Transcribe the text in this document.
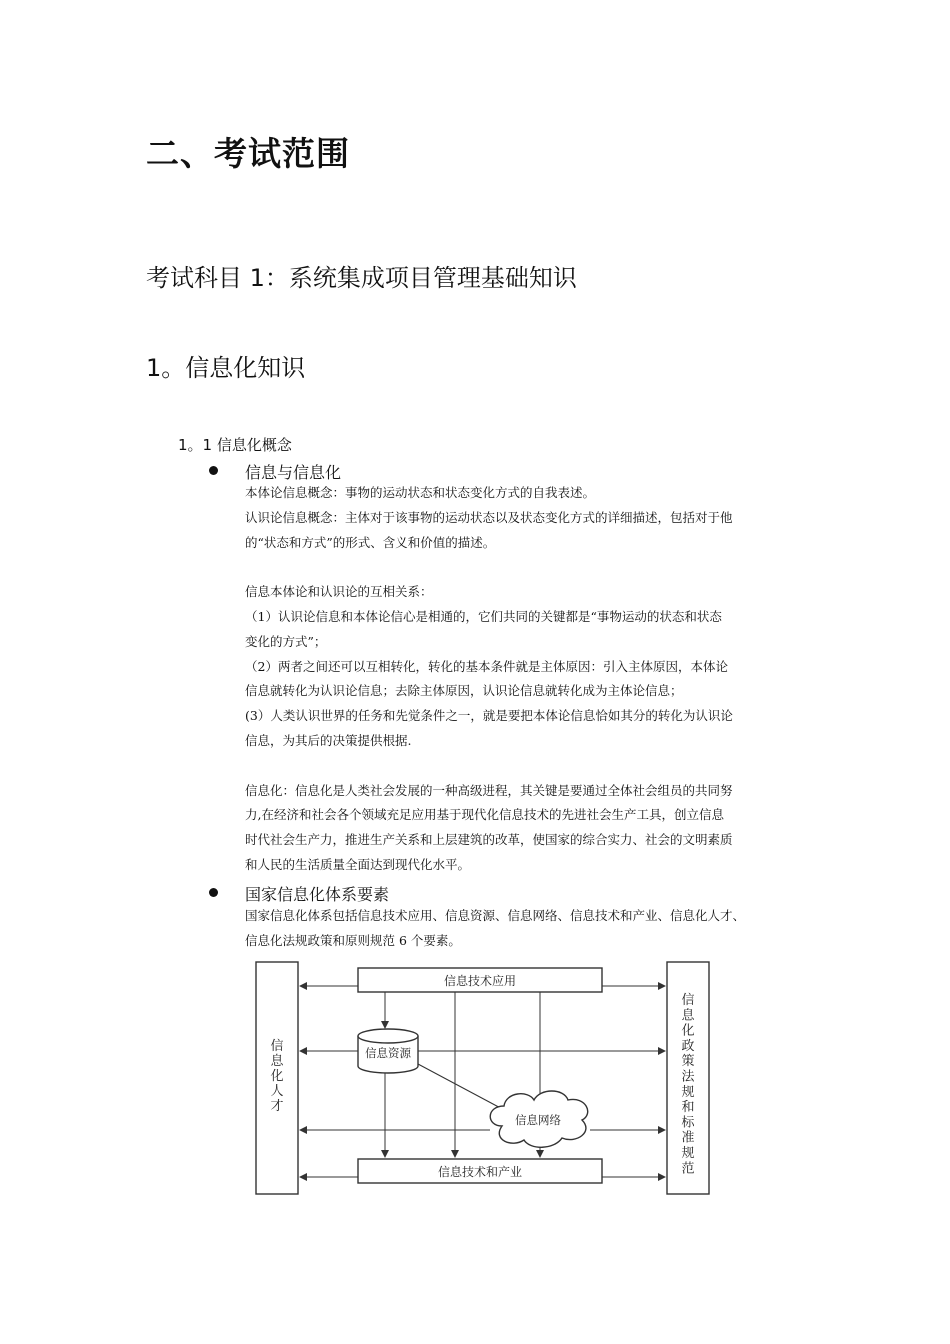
二、考试范围
考试科目 1：系统集成项目管理基础知识
1。信息化知识
1。1 信息化概念
信息与信息化
本体论信息概念：事物的运动状态和状态变化方式的自我表述。
认识论信息概念：主体对于该事物的运动状态以及状态变化方式的详细描述，包括对于他
的“状态和方式”的形式、含义和价值的描述。
信息本体论和认识论的互相关系：
（1）认识论信息和本体论信心是相通的，它们共同的关键都是“事物运动的状态和状态
变化的方式”；
（2）两者之间还可以互相转化，转化的基本条件就是主体原因：引入主体原因，本体论
信息就转化为认识论信息；去除主体原因，认识论信息就转化成为主体论信息；
(3）人类认识世界的任务和先觉条件之一，就是要把本体论信息恰如其分的转化为认识论
信息，为其后的决策提供根据.
信息化：信息化是人类社会发展的一种高级进程，其关键是要通过全体社会组员的共同努
力,在经济和社会各个领域充足应用基于现代化信息技术的先进社会生产工具，创立信息
时代社会生产力，推进生产关系和上层建筑的改革，使国家的综合实力、社会的文明素质
和人民的生活质量全面达到现代化水平。
国家信息化体系要素
国家信息化体系包括信息技术应用、信息资源、信息网络、信息技术和产业、信息化人才、
信息化法规政策和原则规范 6 个要素。
信息技术应用
信息技术和产业
信息资源
信息网络
信
息
化
人
才
信
息
化
政
策
法
规
和
标
准
规
范
